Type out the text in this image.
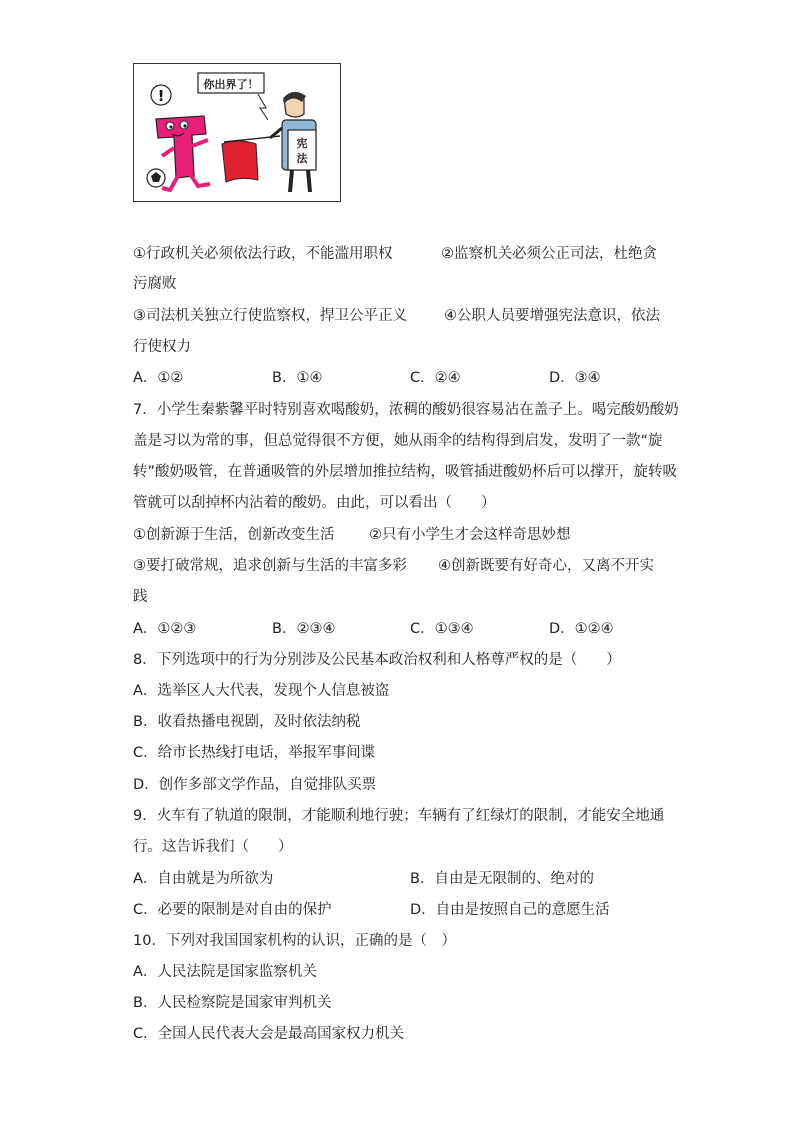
你出界了！
!
宪
法
①行政机关必须依法行政，不能滥用职权	②监察机关必须公正司法，杜绝贪
污腐败
③司法机关独立行使监察权，捍卫公平正义	④公职人员要增强宪法意识，依法
行使权力
A．①②	B．①④	C．②④	D．③④
7．小学生秦紫馨平时特别喜欢喝酸奶，浓稠的酸奶很容易沾在盖子上。喝完酸奶酸奶
盖是习以为常的事，但总觉得很不方便，她从雨伞的结构得到启发，发明了一款“旋
转”酸奶吸管，在普通吸管的外层增加推拉结构，吸管插进酸奶杯后可以撑开，旋转吸
管就可以刮掉杯内沾着的酸奶。由此，可以看出（　　）
①创新源于生活，创新改变生活 ②只有小学生才会这样奇思妙想
③要打破常规，追求创新与生活的丰富多彩 ④创新既要有好奇心，又离不开实
践
A．①②③	B．②③④	C．①③④	D．①②④
8．下列选项中的行为分别涉及公民基本政治权利和人格尊严权的是（　　）
A．选举区人大代表，发现个人信息被盗
B．收看热播电视剧，及时依法纳税
C．给市长热线打电话，举报军事间谍
D．创作多部文学作品，自觉排队买票
9．火车有了轨道的限制，才能顺利地行驶；车辆有了红绿灯的限制，才能安全地通
行。这告诉我们（　　）
A．自由就是为所欲为	B．自由是无限制的、绝对的
C．必要的限制是对自由的保护	D．自由是按照自己的意愿生活
10．下列对我国国家机构的认识，正确的是（　）
A．人民法院是国家监察机关
B．人民检察院是国家审判机关
C．全国人民代表大会是最高国家权力机关
